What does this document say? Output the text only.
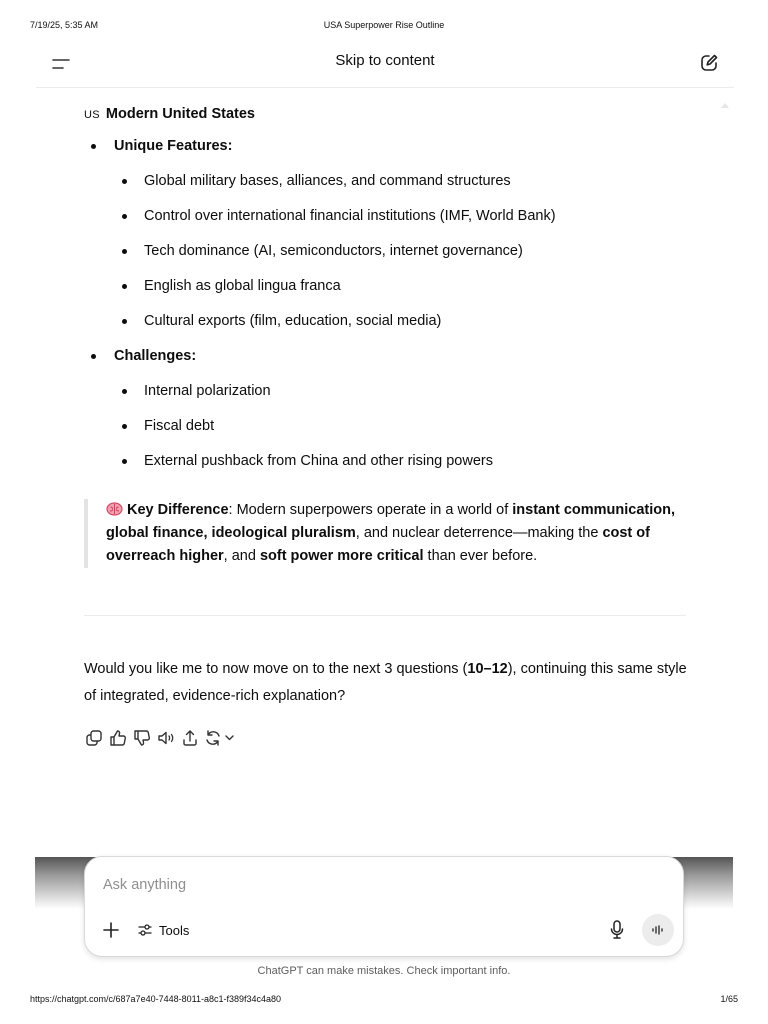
7/19/25, 5:35 AM	USA Superpower Rise Outline
Skip to content
US Modern United States
Unique Features:
Global military bases, alliances, and command structures
Control over international financial institutions (IMF, World Bank)
Tech dominance (AI, semiconductors, internet governance)
English as global lingua franca
Cultural exports (film, education, social media)
Challenges:
Internal polarization
Fiscal debt
External pushback from China and other rising powers
Key Difference: Modern superpowers operate in a world of instant communication, global finance, ideological pluralism, and nuclear deterrence—making the cost of overreach higher, and soft power more critical than ever before.
Would you like me to now move on to the next 3 questions (10–12), continuing this same style of integrated, evidence-rich explanation?
Ask anything
Tools
ChatGPT can make mistakes. Check important info.
https://chatgpt.com/c/687a7e40-7448-8011-a8c1-f389f34c4a80	1/65
